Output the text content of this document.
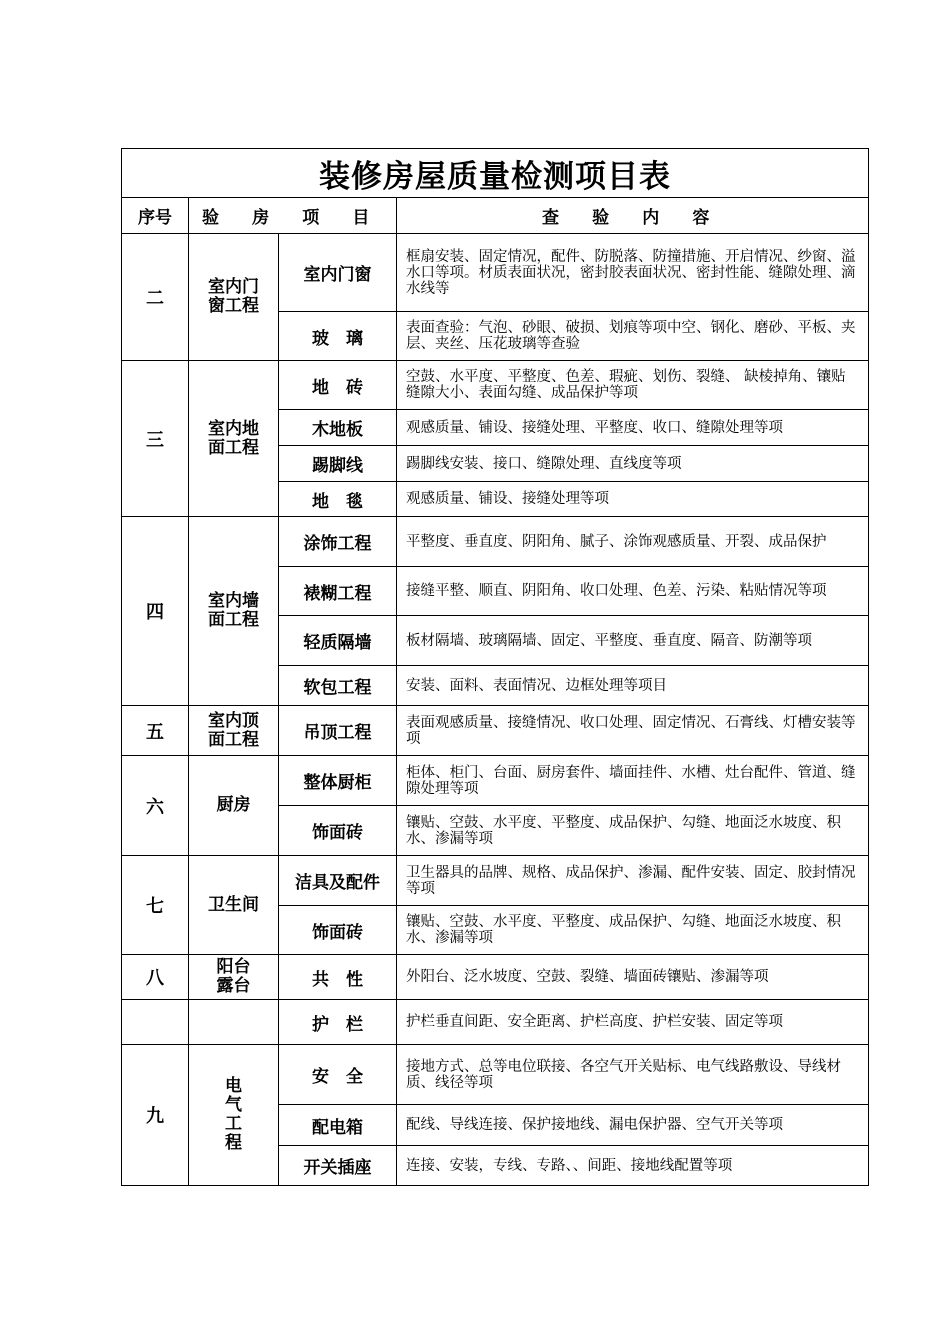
装修房屋质量检测项目表			
序号	验 房 项 目		查 验 内 容
二	室内门窗工程	室内门窗	框扇安装、固定情况，配件、防脱落、防撞措施、开启情况、纱窗、溢水口等项。材质表面状况，密封胶表面状况、密封性能、缝隙处理、滴水线等
		玻　璃	表面查验：气泡、砂眼、破损、划痕等项中空、钢化、磨砂、平板、夹层、夹丝、压花玻璃等查验
三	室内地面工程	地　砖	空鼓、水平度、平整度、色差、瑕疵、划伤、裂缝、 缺棱掉角、镶贴缝隙大小、表面勾缝、成品保护等项
		木地板	观感质量、铺设、接缝处理、平整度、收口、缝隙处理等项
		踢脚线	踢脚线安装、接口、缝隙处理、直线度等项
		地　毯	观感质量、铺设、接缝处理等项
四	室内墙面工程	涂饰工程	平整度、垂直度、阴阳角、腻子、涂饰观感质量、开裂、成品保护
		裱糊工程	接缝平整、顺直、阴阳角、收口处理、色差、污染、粘贴情况等项
		轻质隔墙	板材隔墙、玻璃隔墙、固定、平整度、垂直度、隔音、防潮等项
		软包工程	安装、面料、表面情况、边框处理等项目
五	室内顶面工程	吊顶工程	表面观感质量、接缝情况、收口处理、固定情况、石膏线、灯槽安装等项
六	厨房	整体厨柜	柜体、柜门、台面、厨房套件、墙面挂件、水槽、灶台配件、管道、缝隙处理等项
		饰面砖	镶贴、空鼓、水平度、平整度、成品保护、勾缝、地面泛水坡度、积水、渗漏等项
七	卫生间	洁具及配件	卫生器具的品牌、规格、成品保护、渗漏、配件安装、固定、胶封情况等项
		饰面砖	镶贴、空鼓、水平度、平整度、成品保护、勾缝、地面泛水坡度、积水、渗漏等项
八	阳台露台	共　性	外阳台、泛水坡度、空鼓、裂缝、墙面砖镶贴、渗漏等项
		护　栏	护栏垂直间距、安全距离、护栏高度、护栏安装、固定等项
九	电气工程	安　全	接地方式、总等电位联接、各空气开关贴标、电气线路敷设、导线材质、线径等项
		配电箱	配线、导线连接、保护接地线、漏电保护器、空气开关等项
		开关插座	连接、安装，专线、专路、、间距、接地线配置等项
